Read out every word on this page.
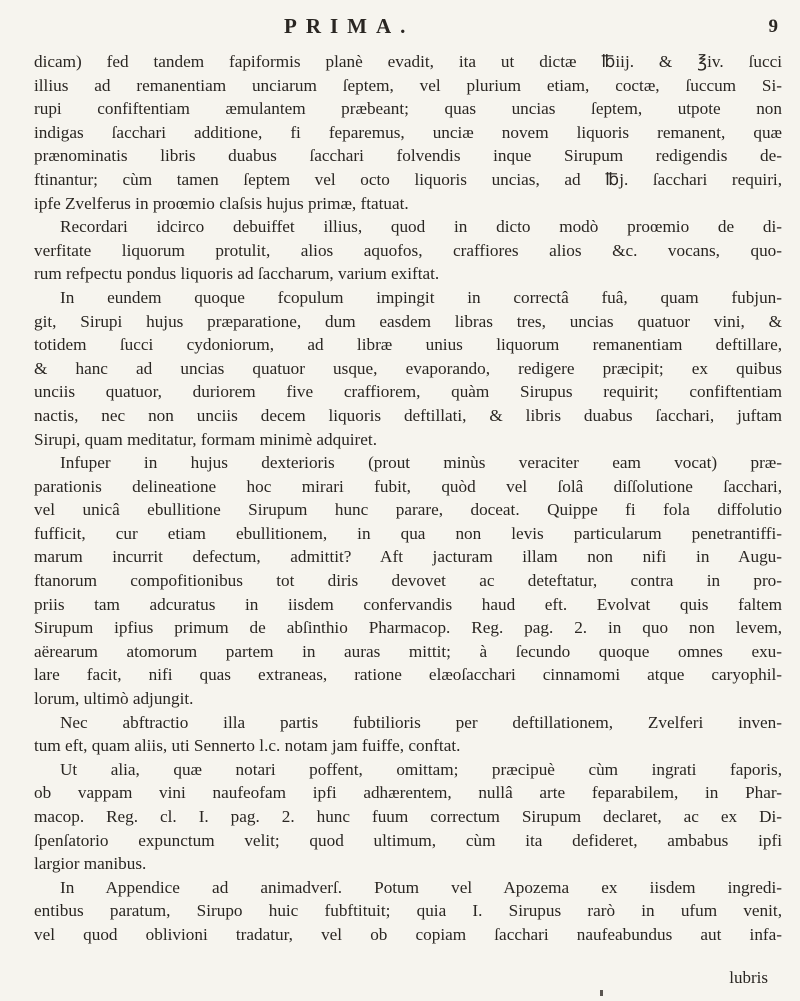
PRIMA.	9
dicam) fed tandem fapiformis planè evadit, ita ut dictæ ℔iij. & ℥iv. ſucci
illius ad remanentiam unciarum ſeptem, vel plurium etiam, coctæ, ſuccum Si-
rupi confiftentiam æmulantem præbeant; quas uncias ſeptem, utpote non
indigas ſacchari additione, fi feparemus, unciæ novem liquoris remanent, quæ
prænominatis libris duabus ſacchari folvendis inque Sirupum redigendis de-
ftinantur; cùm tamen ſeptem vel octo liquoris uncias, ad ℔j. ſacchari requiri,
ipfe Zvelferus in proœmio claſsis hujus primæ, ftatuat.
Recordari idcirco debuiffet illius, quod in dicto modò proœmio de di-
verfitate liquorum protulit, alios aquofos, craffiores alios &c. vocans, quo-
rum refpectu pondus liquoris ad ſaccharum, varium exiftat.
In eundem quoque fcopulum impingit in correctâ fuâ, quam fubjun-
git, Sirupi hujus præparatione, dum easdem libras tres, uncias quatuor vini, &
totidem ſucci cydoniorum, ad libræ unius liquorum remanentiam deftillare,
& hanc ad uncias quatuor usque, evaporando, redigere præcipit; ex quibus
unciis quatuor, duriorem five craffiorem, quàm Sirupus requirit; confiftentiam
nactis, nec non unciis decem liquoris deftillati, & libris duabus ſacchari, juftam
Sirupi, quam meditatur, formam minimè adquiret.
Infuper in hujus dexterioris (prout minùs veraciter eam vocat) præ-
parationis delineatione hoc mirari fubit, quòd vel ſolâ diſſolutione ſacchari,
vel unicâ ebullitione Sirupum hunc parare, doceat. Quippe fi fola diffolutio
fufficit, cur etiam ebullitionem, in qua non levis particularum penetrantiffi-
marum incurrit defectum, admittit? Aft jacturam illam non nifi in Augu-
ftanorum compofitionibus tot diris devovet ac deteftatur, contra in pro-
priis tam adcuratus in iisdem confervandis haud eft. Evolvat quis faltem
Sirupum ipfius primum de abſinthio Pharmacop. Reg. pag. 2. in quo non levem,
aërearum atomorum partem in auras mittit; à ſecundo quoque omnes exu-
lare facit, nifi quas extraneas, ratione elæoſacchari cinnamomi atque caryophil-
lorum, ultimò adjungit.
Nec abftractio illa partis fubtilioris per deftillationem, Zvelferi inven-
tum eft, quam aliis, uti Sennerto l.c. notam jam fuiffe, conftat.
Ut alia, quæ notari poffent, omittam; præcipuè cùm ingrati faporis,
ob vappam vini naufeofam ipfi adhærentem, nullâ arte feparabilem, in Phar-
macop. Reg. cl. I. pag. 2. hunc fuum correctum Sirupum declaret, ac ex Di-
ſpenſatorio expunctum velit; quod ultimum, cùm ita defideret, ambabus ipfi
largior manibus.
In Appendice ad animadverſ. Potum vel Apozema ex iisdem ingredi-
entibus paratum, Sirupo huic fubftituit; quia I. Sirupus rarò in ufum venit,
vel quod oblivioni tradatur, vel ob copiam ſacchari naufeabundus aut infa-
lubris
